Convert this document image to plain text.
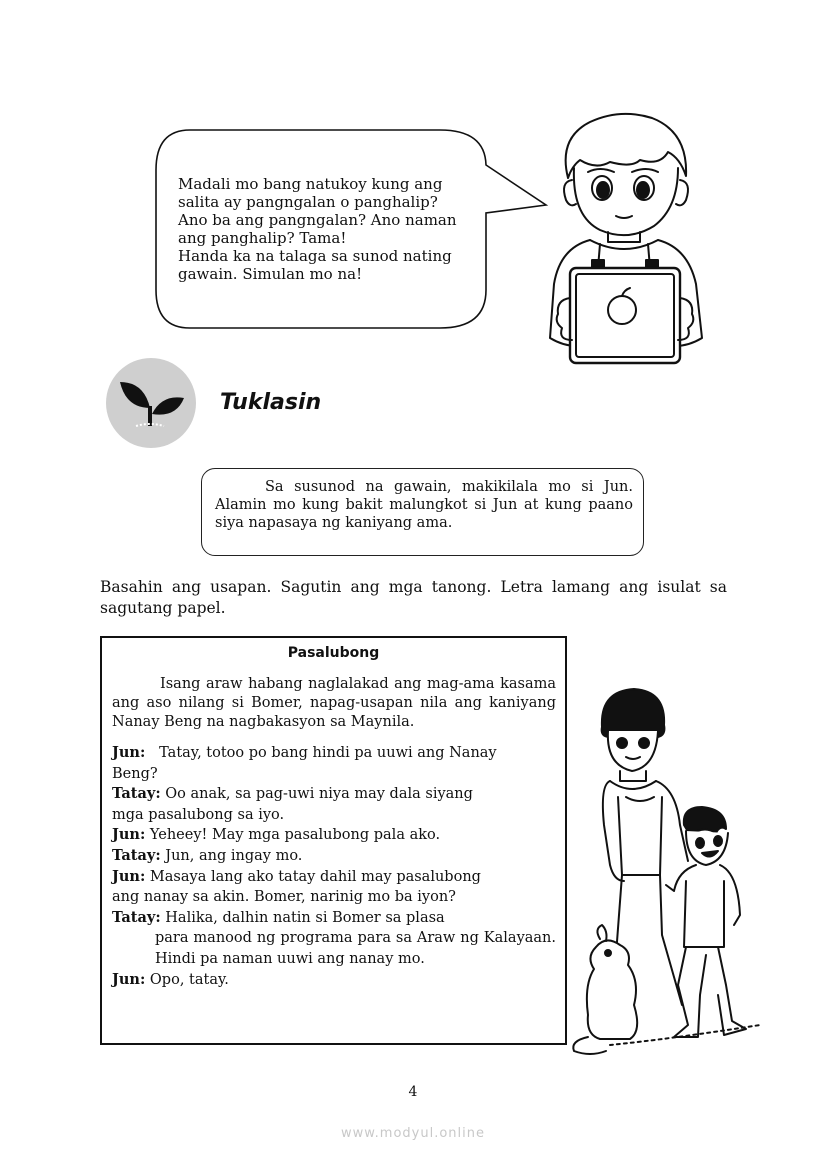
Madali mo bang natukoy kung ang
salita ay pangngalan o panghalip?
Ano ba ang pangngalan? Ano naman
ang panghalip? Tama!
Handa ka na talaga sa sunod nating
gawain. Simulan mo na!
Tuklasin
Sa susunod na gawain, makikilala mo si Jun. Alamin mo kung bakit malungkot si Jun at kung paano siya napasaya ng kaniyang ama.
Basahin ang usapan. Sagutin ang mga tanong. Letra lamang ang isulat sa sagutang papel.
Pasalubong
Isang araw habang naglalakad ang mag-ama kasama ang aso nilang si Bomer, napag-usapan nila ang kaniyang Nanay Beng na nagbakasyon sa Maynila.
Jun: Tatay, totoo po bang hindi pa uuwi ang Nanay
Beng?
Tatay: Oo anak, sa pag-uwi niya may dala siyang
mga pasalubong sa iyo.
Jun: Yeheey! May mga pasalubong pala ako.
Tatay: Jun, ang ingay mo.
Jun: Masaya lang ako tatay dahil may pasalubong
ang nanay sa akin. Bomer, narinig mo ba iyon?
Tatay: Halika, dalhin natin si Bomer sa plasa
para manood ng programa para sa Araw ng Kalayaan. Hindi pa naman uuwi ang nanay mo.
Jun: Opo, tatay.
4
www.modyul.online
